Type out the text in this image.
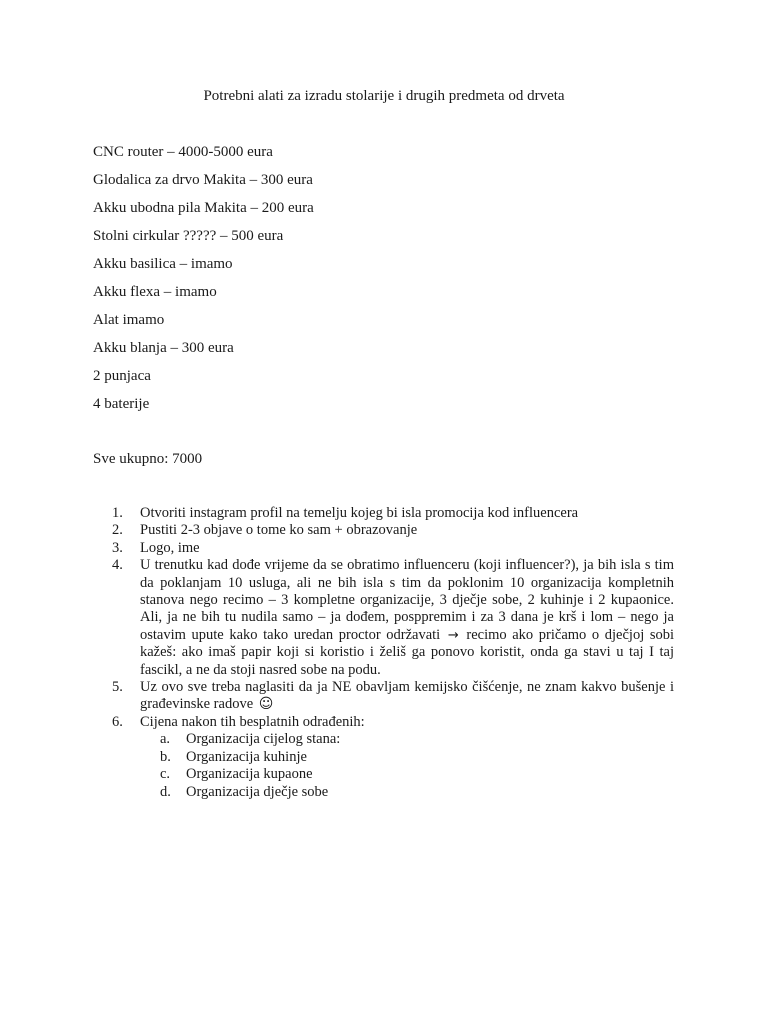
Potrebni alati za izradu stolarije i drugih predmeta od drveta
CNC router – 4000-5000 eura
Glodalica za drvo Makita – 300 eura
Akku ubodna pila Makita – 200 eura
Stolni cirkular ????? – 500 eura
Akku basilica – imamo
Akku flexa – imamo
Alat imamo
Akku blanja – 300 eura
2 punjaca
4 baterije
Sve ukupno: 7000
1. Otvoriti instagram profil na temelju kojeg bi isla promocija kod influencera
2. Pustiti 2-3 objave o tome ko sam + obrazovanje
3. Logo, ime
4. U trenutku kad dođe vrijeme da se obratimo influenceru (koji influencer?), ja bih isla s tim da poklanjam 10 usluga, ali ne bih isla s tim da poklonim 10 organizacija kompletnih stanova nego recimo – 3 kompletne organizacije, 3 dječje sobe, 2 kuhinje i 2 kupaonice. Ali, ja ne bih tu nudila samo – ja dođem, posppremim i za 3 dana je krš i lom – nego ja ostavim upute kako tako uredan proctor održavati → recimo ako pričamo o dječjoj sobi kažeš: ako imaš papir koji si koristio i želiš ga ponovo koristit, onda ga stavi u taj I taj fascikl, a ne da stoji nasred sobe na podu.
5. Uz ovo sve treba naglasiti da ja NE obavljam kemijsko čišćenje, ne znam kakvo bušenje i građevinske radove ☺
6. Cijena nakon tih besplatnih odrađenih:
a. Organizacija cijelog stana:
b. Organizacija kuhinje
c. Organizacija kupaone
d. Organizacija dječje sobe
